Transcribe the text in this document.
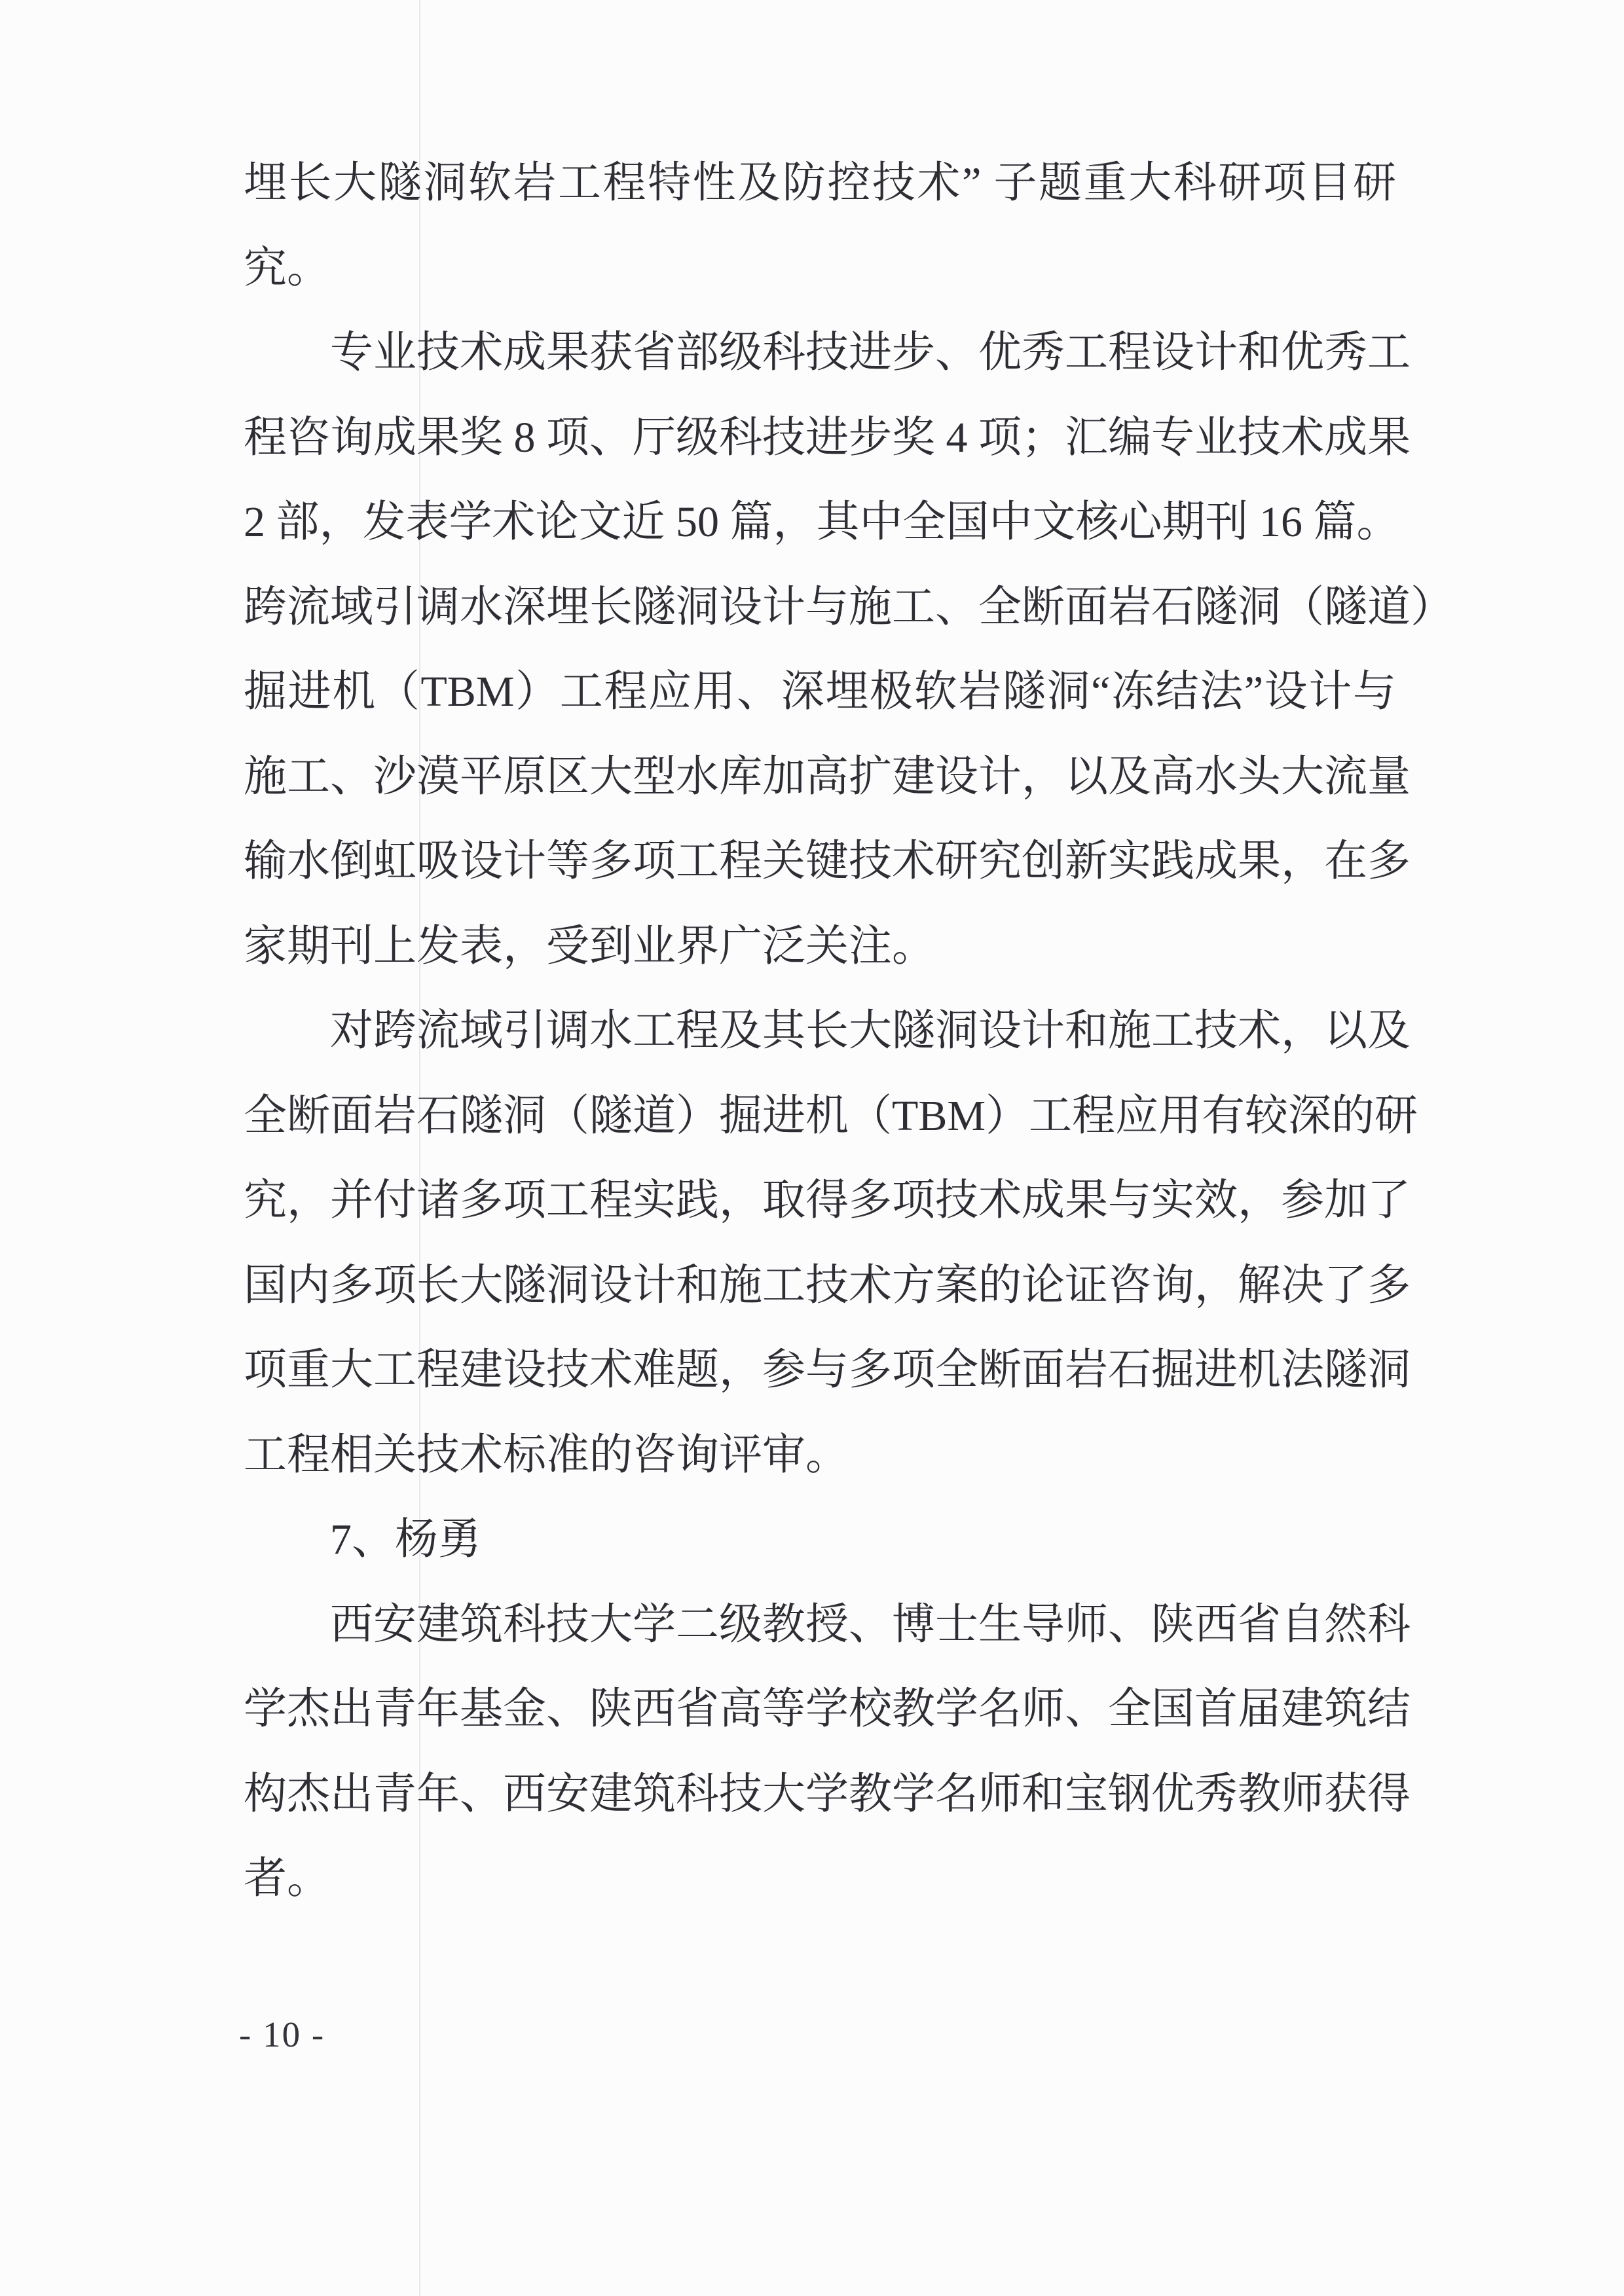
埋长大隧洞软岩工程特性及防控技术” 子题重大科研项目研
究。
专业技术成果获省部级科技进步、优秀工程设计和优秀工
程咨询成果奖 8 项、厅级科技进步奖 4 项；汇编专业技术成果
2 部，发表学术论文近 50 篇，其中全国中文核心期刊 16 篇。
跨流域引调水深埋长隧洞设计与施工、全断面岩石隧洞（隧道）
掘进机（TBM）工程应用、深埋极软岩隧洞“冻结法”设计与
施工、沙漠平原区大型水库加高扩建设计，以及高水头大流量
输水倒虹吸设计等多项工程关键技术研究创新实践成果，在多
家期刊上发表，受到业界广泛关注。
对跨流域引调水工程及其长大隧洞设计和施工技术，以及
全断面岩石隧洞（隧道）掘进机（TBM）工程应用有较深的研
究，并付诸多项工程实践，取得多项技术成果与实效，参加了
国内多项长大隧洞设计和施工技术方案的论证咨询，解决了多
项重大工程建设技术难题，参与多项全断面岩石掘进机法隧洞
工程相关技术标准的咨询评审。
7、杨勇
西安建筑科技大学二级教授、博士生导师、陕西省自然科
学杰出青年基金、陕西省高等学校教学名师、全国首届建筑结
构杰出青年、西安建筑科技大学教学名师和宝钢优秀教师获得
者。
- 10 -
